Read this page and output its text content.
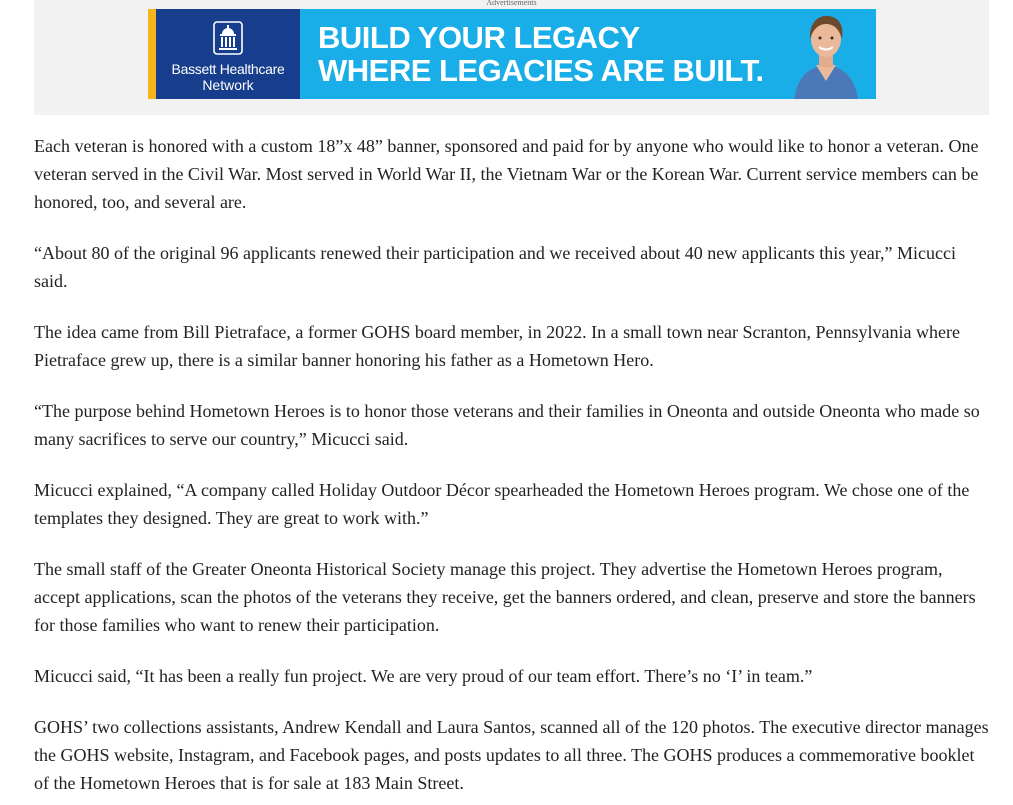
Advertisements
Bassett Healthcare
Network
BUILD YOUR LEGACY
WHERE LEGACIES ARE BUILT.

Each veteran is honored with a custom 18”x 48” banner, sponsored and paid for by anyone who would like to honor a veteran. One veteran served in the Civil War. Most served in World War II, the Vietnam War or the Korean War. Current service members can be honored, too, and several are.

“About 80 of the original 96 applicants renewed their participation and we received about 40 new applicants this year,” Micucci said.

The idea came from Bill Pietraface, a former GOHS board member, in 2022. In a small town near Scranton, Pennsylvania where Pietraface grew up, there is a similar banner honoring his father as a Hometown Hero.

“The purpose behind Hometown Heroes is to honor those veterans and their families in Oneonta and outside Oneonta who made so many sacrifices to serve our country,” Micucci said.

Micucci explained, “A company called Holiday Outdoor Décor spearheaded the Hometown Heroes program. We chose one of the templates they designed. They are great to work with.”

The small staff of the Greater Oneonta Historical Society manage this project. They advertise the Hometown Heroes program, accept applications, scan the photos of the veterans they receive, get the banners ordered, and clean, preserve and store the banners for those families who want to renew their participation.

Micucci said, “It has been a really fun project. We are very proud of our team effort. There’s no ‘I’ in team.”

GOHS’ two collections assistants, Andrew Kendall and Laura Santos, scanned all of the 120 photos. The executive director manages the GOHS website, Instagram, and Facebook pages, and posts updates to all three. The GOHS produces a commemorative booklet of the Hometown Heroes that is for sale at 183 Main Street.
